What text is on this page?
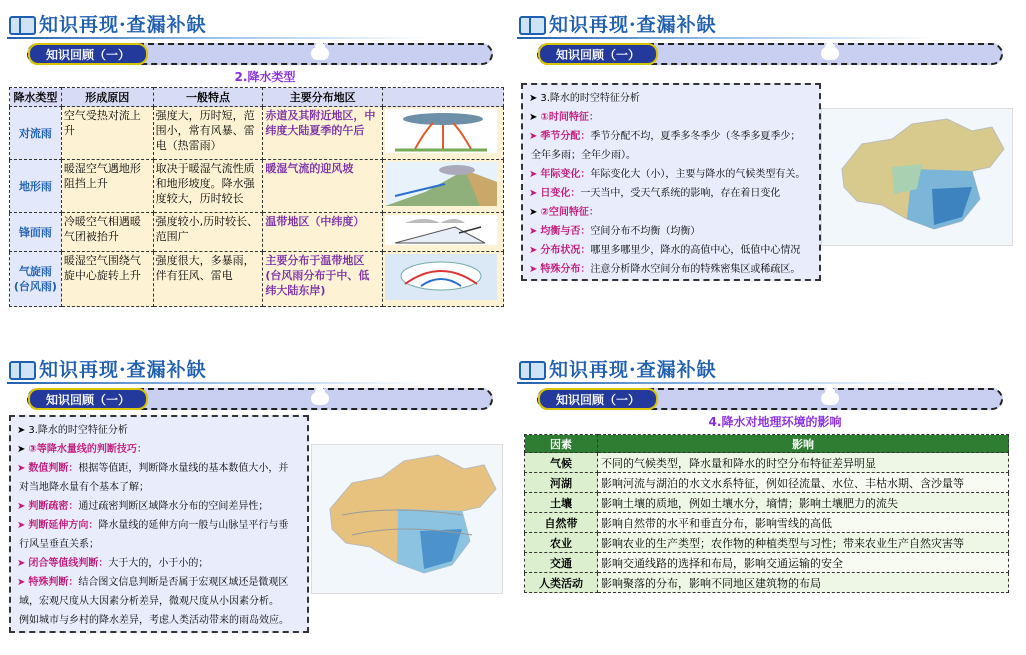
知识再现·查漏补缺
知识回顾（一）
2.降水类型
降水类型	形成原因	一般特点	主要分布地区	
对流雨	空气受热对流上升	强度大，历时短，范围小，常有风暴、雷电（热雷雨）	赤道及其附近地区，中纬度大陆夏季的午后	
地形雨	暖湿空气遇地形阻挡上升	取决于暖湿气流性质和地形坡度。降水强度较大，历时较长	暖湿气流的迎风坡	
锋面雨	冷暖空气相遇暖气团被抬升	强度较小,历时较长、范围广	温带地区（中纬度）	
气旋雨(台风雨)	暖湿空气围绕气旋中心旋转上升	强度很大，多暴雨，伴有狂风、雷电	主要分布于温带地区(台风雨分布于中、低纬大陆东岸)	
知识再现·查漏补缺
知识回顾（一）
➤ 3.降水的时空特征分析
➤ ①时间特征：
➤ 季节分配：季节分配不均，夏季多冬季少（冬季多夏季少；
全年多雨；全年少雨）。
➤ 年际变化：年际变化大（小），主要与降水的气候类型有关。
➤ 日变化：一天当中，受天气系统的影响，存在着日变化
➤ ②空间特征：
➤ 均衡与否：空间分布不均衡（均衡）
➤ 分布状况：哪里多哪里少，降水的高值中心，低值中心情况
➤ 特殊分布：注意分析降水空间分布的特殊密集区或稀疏区。
知识再现·查漏补缺
知识回顾（一）
➤ 3.降水的时空特征分析
➤ ③等降水量线的判断技巧：
➤ 数值判断：根据等值距，判断降水量线的基本数值大小，并
对当地降水量有个基本了解；
➤ 判断疏密：通过疏密判断区域降水分布的空间差异性；
➤ 判断延伸方向：降水量线的延伸方向一般与山脉呈平行与垂
行风呈垂直关系；
➤ 闭合等值线判断：大于大的，小于小的；
➤ 特殊判断：结合图文信息判断是否属于宏观区域还是微观区
域，宏观尺度从大因素分析差异，微观尺度从小因素分析。
例如城市与乡村的降水差异，考虑人类活动带来的雨岛效应。
知识再现·查漏补缺
知识回顾（一）
4.降水对地理环境的影响
因素	影响
气候	不同的气候类型，降水量和降水的时空分布特征差异明显
河湖	影响河流与湖泊的水文水系特征，例如径流量、水位、丰枯水期、含沙量等
土壤	影响土壤的质地，例如土壤水分，墒情；影响土壤肥力的流失
自然带	影响自然带的水平和垂直分布，影响雪线的高低
农业	影响农业的生产类型；农作物的种植类型与习性；带来农业生产自然灾害等
交通	影响交通线路的选择和布局，影响交通运输的安全
人类活动	影响聚落的分布，影响不同地区建筑物的布局
